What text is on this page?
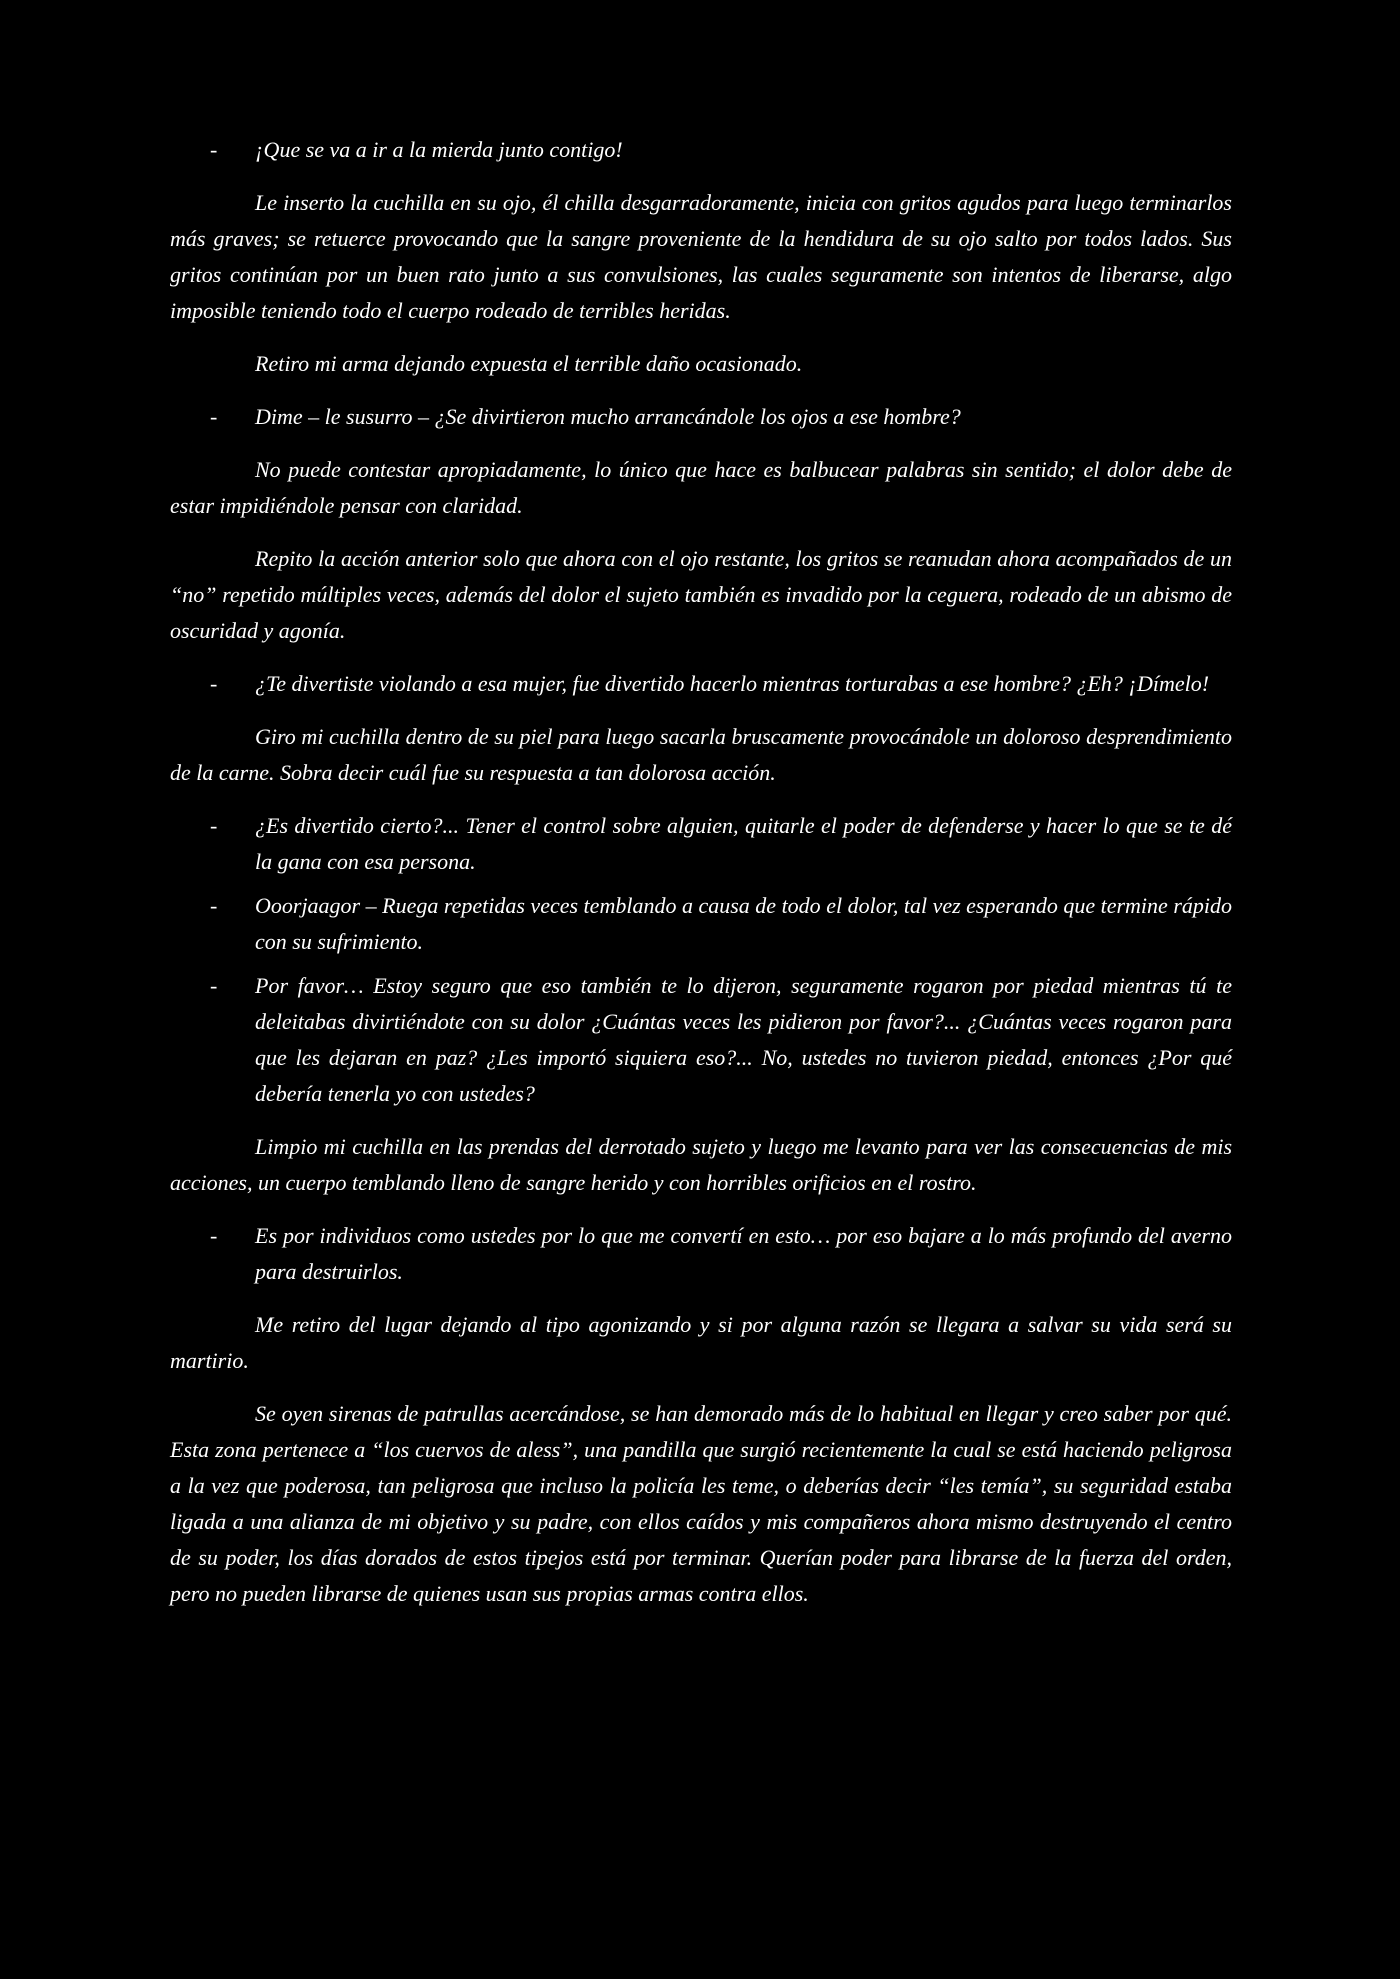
- ¡Que se va a ir a la mierda junto contigo!

Le inserto la cuchilla en su ojo, él chilla desgarradoramente, inicia con gritos agudos para luego terminarlos más graves; se retuerce provocando que la sangre proveniente de la hendidura de su ojo salto por todos lados. Sus gritos continúan por un buen rato junto a sus convulsiones, las cuales seguramente son intentos de liberarse, algo imposible teniendo todo el cuerpo rodeado de terribles heridas.

Retiro mi arma dejando expuesta el terrible daño ocasionado.

- Dime – le susurro – ¿Se divirtieron mucho arrancándole los ojos a ese hombre?

No puede contestar apropiadamente, lo único que hace es balbucear palabras sin sentido; el dolor debe de estar impidiéndole pensar con claridad.

Repito la acción anterior solo que ahora con el ojo restante, los gritos se reanudan ahora acompañados de un “no” repetido múltiples veces, además del dolor el sujeto también es invadido por la ceguera, rodeado de un abismo de oscuridad y agonía.

- ¿Te divertiste violando a esa mujer, fue divertido hacerlo mientras torturabas a ese hombre? ¿Eh? ¡Dímelo!

Giro mi cuchilla dentro de su piel para luego sacarla bruscamente provocándole un doloroso desprendimiento de la carne. Sobra decir cuál fue su respuesta a tan dolorosa acción.

- ¿Es divertido cierto?... Tener el control sobre alguien, quitarle el poder de defenderse y hacer lo que se te dé la gana con esa persona.
- Ooorjaagor – Ruega repetidas veces temblando a causa de todo el dolor, tal vez esperando que termine rápido con su sufrimiento.
- Por favor… Estoy seguro que eso también te lo dijeron, seguramente rogaron por piedad mientras tú te deleitabas divirtiéndote con su dolor ¿Cuántas veces les pidieron por favor?... ¿Cuántas veces rogaron para que les dejaran en paz? ¿Les importó siquiera eso?... No, ustedes no tuvieron piedad, entonces ¿Por qué debería tenerla yo con ustedes?

Limpio mi cuchilla en las prendas del derrotado sujeto y luego me levanto para ver las consecuencias de mis acciones, un cuerpo temblando lleno de sangre herido y con horribles orificios en el rostro.

- Es por individuos como ustedes por lo que me convertí en esto… por eso bajare a lo más profundo del averno para destruirlos.

Me retiro del lugar dejando al tipo agonizando y si por alguna razón se llegara a salvar su vida será su martirio.

Se oyen sirenas de patrullas acercándose, se han demorado más de lo habitual en llegar y creo saber por qué. Esta zona pertenece a “los cuervos de aless”, una pandilla que surgió recientemente la cual se está haciendo peligrosa a la vez que poderosa, tan peligrosa que incluso la policía les teme, o deberías decir “les temía”, su seguridad estaba ligada a una alianza de mi objetivo y su padre, con ellos caídos y mis compañeros ahora mismo destruyendo el centro de su poder, los días dorados de estos tipejos está por terminar. Querían poder para librarse de la fuerza del orden, pero no pueden librarse de quienes usan sus propias armas contra ellos.
